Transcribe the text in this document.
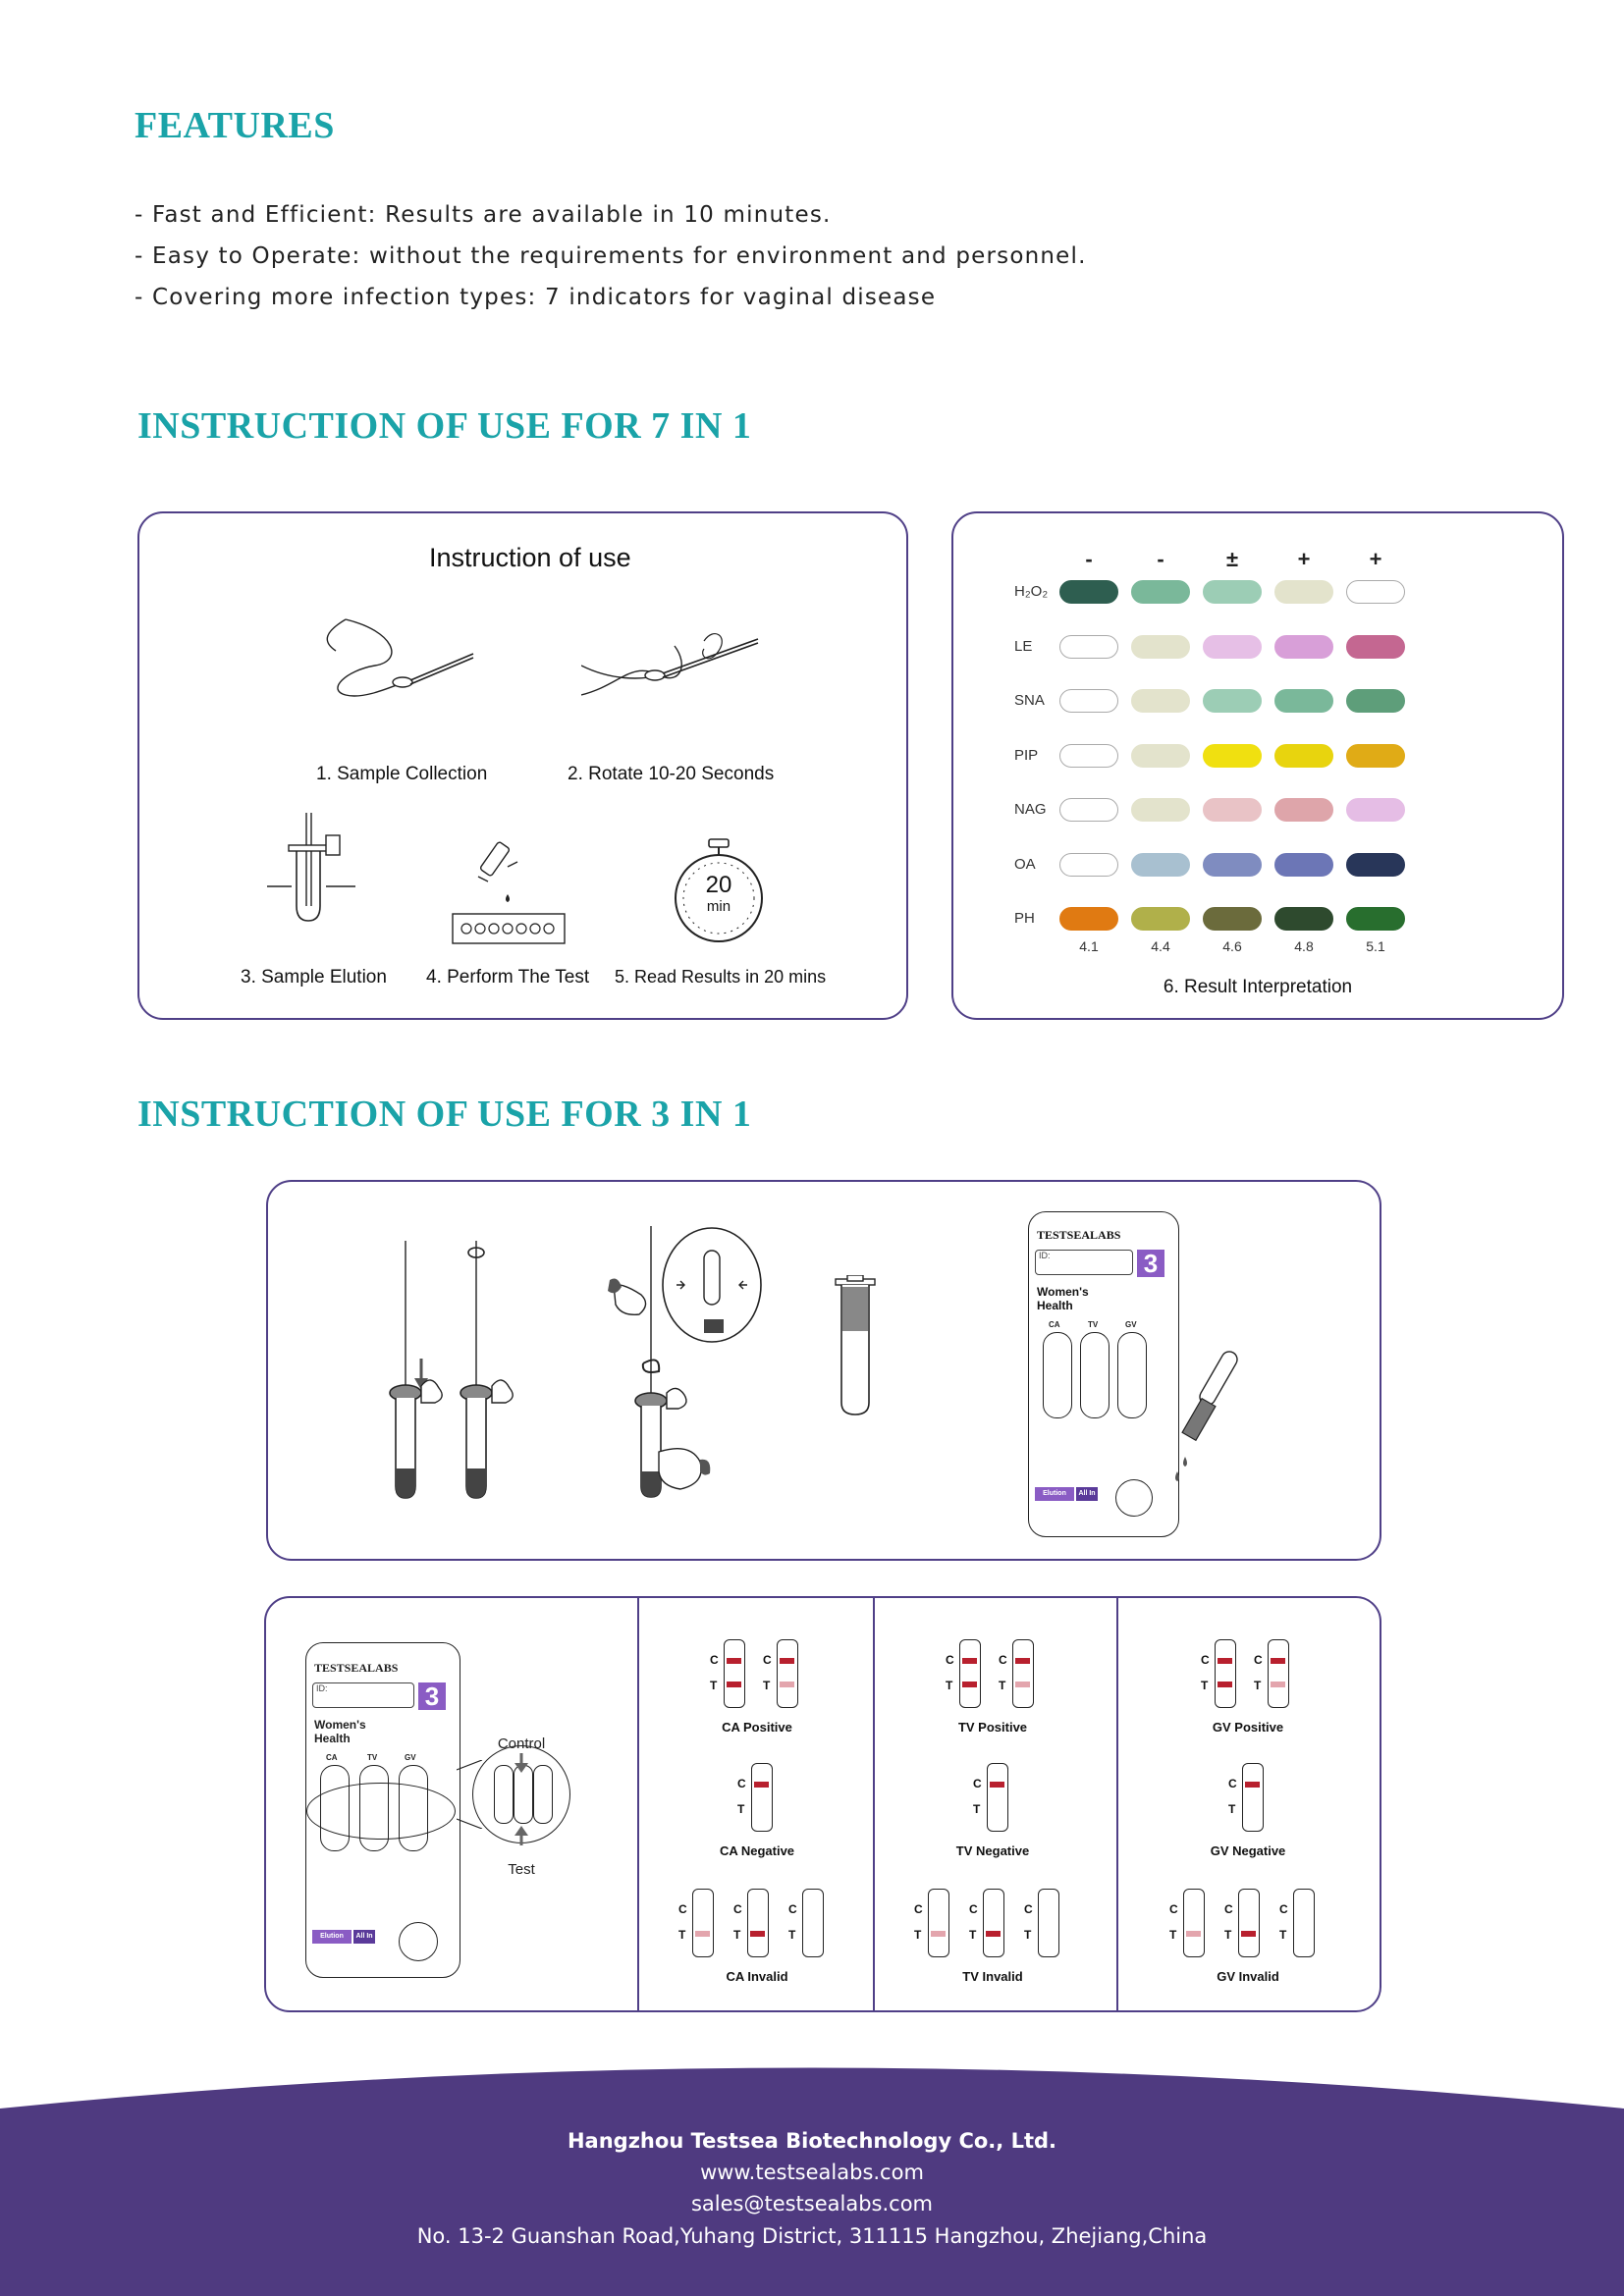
FEATURES
- Fast and Efficient: Results are available in 10 minutes.
- Easy to Operate: without the requirements for environment and personnel.
- Covering more infection types: 7 indicators for vaginal disease
INSTRUCTION OF USE FOR 7 IN 1
Instruction of use
1. Sample Collection	2. Rotate 10-20 Seconds
3. Sample Elution 4. Perform The Test
20
min
5. Read Results in 20 mins
-	-	±	+	+
H₂O₂
LE
SNA
PIP
NAG
OA
PH
4.1	4.4	4.6	4.8	5.1
6. Result Interpretation
INSTRUCTION OF USE FOR 3 IN 1
TESTSEALABS
ID:	3
Women's
Health
CA	TV	GV
Elution	All In
TESTSEALABS
ID:	3
Women's
Health
CA	TV	GV
Elution	All In
Control
Test
C
T
C
T
CA Positive
C
T
CA Negative
C
T
C
T
C
T
CA Invalid
C
T
C
T
TV Positive
C
T
TV Negative
C
T
C
T
C
T
TV Invalid
C
T
C
T
GV Positive
C
T
GV Negative
C
T
C
T
C
T
GV Invalid
Hangzhou Testsea Biotechnology Co., Ltd.
www.testsealabs.com
sales@testsealabs.com
No. 13-2 Guanshan Road,Yuhang District, 311115 Hangzhou, Zhejiang,China
